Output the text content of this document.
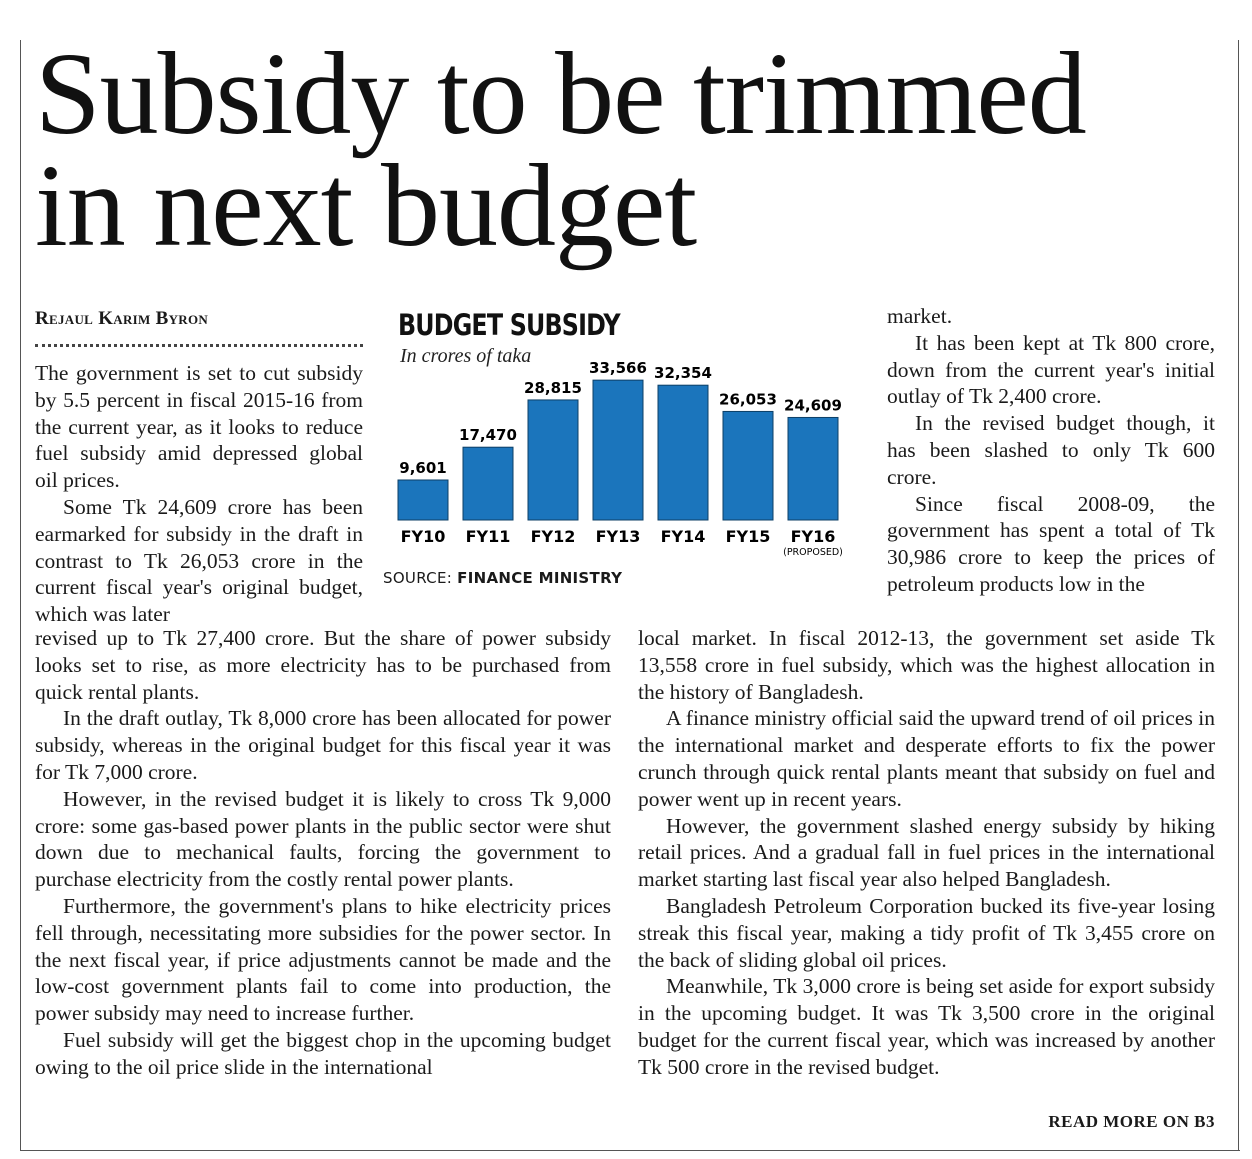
Subsidy to be trimmed
in next budget
Rejaul Karim Byron

The government is set to cut subsidy by 5.5 percent in fiscal 2015-16 from the current year, as it looks to reduce fuel subsidy amid depressed global oil prices.

Some Tk 24,609 crore has been earmarked for subsidy in the draft in contrast to Tk 26,053 crore in the current fiscal year's original budget, which was later

revised up to Tk 27,400 crore. But the share of power subsidy looks set to rise, as more electricity has to be purchased from quick rental plants.

In the draft outlay, Tk 8,000 crore has been allocated for power subsidy, whereas in the original budget for this fiscal year it was for Tk 7,000 crore.

However, in the revised budget it is likely to cross Tk 9,000 crore: some gas-based power plants in the public sector were shut down due to mechanical faults, forcing the government to purchase electricity from the costly rental power plants.

Furthermore, the government's plans to hike electricity prices fell through, necessitating more subsidies for the power sector. In the next fiscal year, if price adjustments cannot be made and the low-cost government plants fail to come into production, the power subsidy may need to increase further.

Fuel subsidy will get the biggest chop in the upcoming budget owing to the oil price slide in the international

market.

It has been kept at Tk 800 crore, down from the current year's initial outlay of Tk 2,400 crore.

In the revised budget though, it has been slashed to only Tk 600 crore.

Since fiscal 2008-09, the government has spent a total of Tk 30,986 crore to keep the prices of petroleum products low in the

local market. In fiscal 2012-13, the government set aside Tk 13,558 crore in fuel subsidy, which was the highest allocation in the history of Bangladesh.

A finance ministry official said the upward trend of oil prices in the international market and desperate efforts to fix the power crunch through quick rental plants meant that subsidy on fuel and power went up in recent years.

However, the government slashed energy subsidy by hiking retail prices. And a gradual fall in fuel prices in the international market starting last fiscal year also helped Bangladesh.

Bangladesh Petroleum Corporation bucked its five-year losing streak this fiscal year, making a tidy profit of Tk 3,455 crore on the back of sliding global oil prices.

Meanwhile, Tk 3,000 crore is being set aside for export subsidy in the upcoming budget. It was Tk 3,500 crore in the original budget for the current fiscal year, which was increased by another Tk 500 crore in the revised budget.

READ MORE ON B3
BUDGET SUBSIDY
In crores of taka
9,601
FY10
17,470
FY11
28,815
FY12
33,566
FY13
32,354
FY14
26,053
FY15
24,609
FY16
(PROPOSED)
SOURCE: FINANCE MINISTRY
